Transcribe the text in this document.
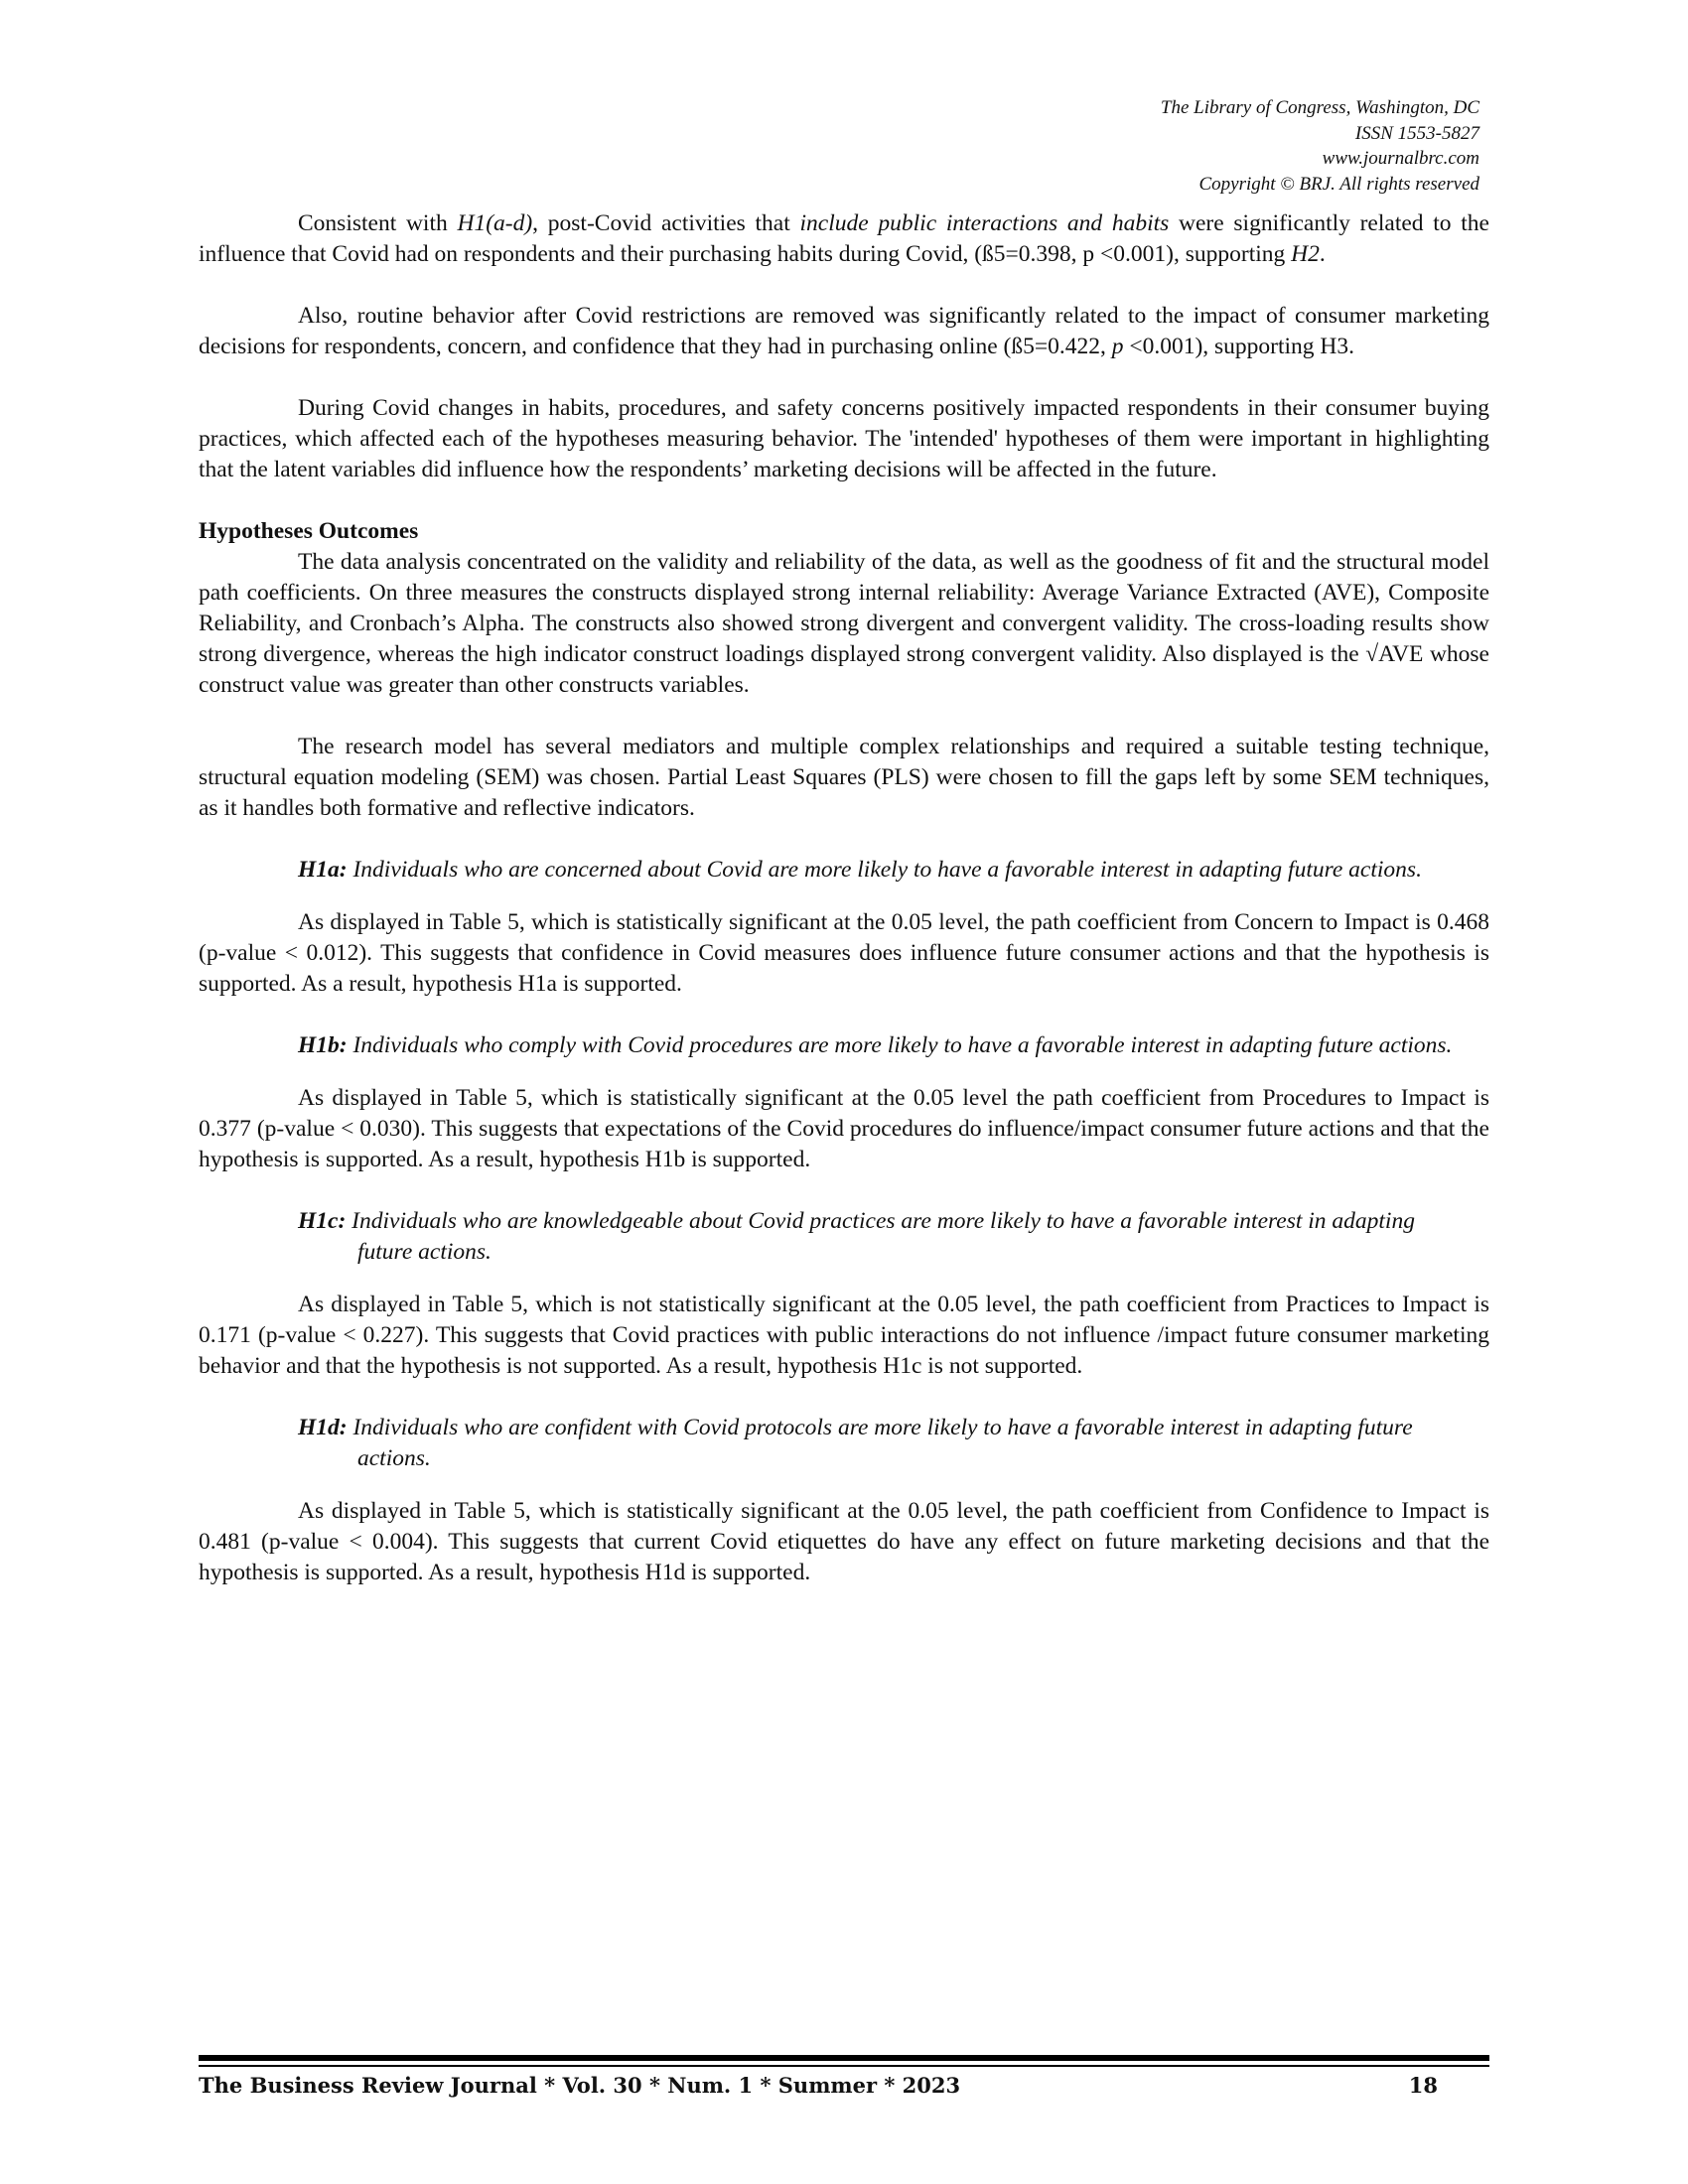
The Library of Congress, Washington, DC
ISSN 1553-5827
www.journalbrc.com
Copyright © BRJ. All rights reserved

Consistent with H1(a-d), post-Covid activities that include public interactions and habits were significantly related to the influence that Covid had on respondents and their purchasing habits during Covid, (ß5=0.398, p <0.001), supporting H2.

Also, routine behavior after Covid restrictions are removed was significantly related to the impact of consumer marketing decisions for respondents, concern, and confidence that they had in purchasing online (ß5=0.422, p <0.001), supporting H3.

During Covid changes in habits, procedures, and safety concerns positively impacted respondents in their consumer buying practices, which affected each of the hypotheses measuring behavior. The 'intended' hypotheses of them were important in highlighting that the latent variables did influence how the respondents’ marketing decisions will be affected in the future.

Hypotheses Outcomes

The data analysis concentrated on the validity and reliability of the data, as well as the goodness of fit and the structural model path coefficients. On three measures the constructs displayed strong internal reliability: Average Variance Extracted (AVE), Composite Reliability, and Cronbach’s Alpha. The constructs also showed strong divergent and convergent validity. The cross-loading results show strong divergence, whereas the high indicator construct loadings displayed strong convergent validity. Also displayed is the √AVE whose construct value was greater than other constructs variables.

The research model has several mediators and multiple complex relationships and required a suitable testing technique, structural equation modeling (SEM) was chosen. Partial Least Squares (PLS) were chosen to fill the gaps left by some SEM techniques, as it handles both formative and reflective indicators.

H1a: Individuals who are concerned about Covid are more likely to have a favorable interest in adapting future actions.

As displayed in Table 5, which is statistically significant at the 0.05 level, the path coefficient from Concern to Impact is 0.468 (p-value < 0.012). This suggests that confidence in Covid measures does influence future consumer actions and that the hypothesis is supported. As a result, hypothesis H1a is supported.

H1b: Individuals who comply with Covid procedures are more likely to have a favorable interest in adapting future actions.

As displayed in Table 5, which is statistically significant at the 0.05 level the path coefficient from Procedures to Impact is 0.377 (p-value < 0.030). This suggests that expectations of the Covid procedures do influence/impact consumer future actions and that the hypothesis is supported. As a result, hypothesis H1b is supported.

H1c: Individuals who are knowledgeable about Covid practices are more likely to have a favorable interest in adapting future actions.

As displayed in Table 5, which is not statistically significant at the 0.05 level, the path coefficient from Practices to Impact is 0.171 (p-value < 0.227). This suggests that Covid practices with public interactions do not influence /impact future consumer marketing behavior and that the hypothesis is not supported. As a result, hypothesis H1c is not supported.

H1d: Individuals who are confident with Covid protocols are more likely to have a favorable interest in adapting future actions.

As displayed in Table 5, which is statistically significant at the 0.05 level, the path coefficient from Confidence to Impact is 0.481 (p-value < 0.004). This suggests that current Covid etiquettes do have any effect on future marketing decisions and that the hypothesis is supported. As a result, hypothesis H1d is supported.

The Business Review Journal * Vol. 30 * Num. 1 * Summer * 2023	18
